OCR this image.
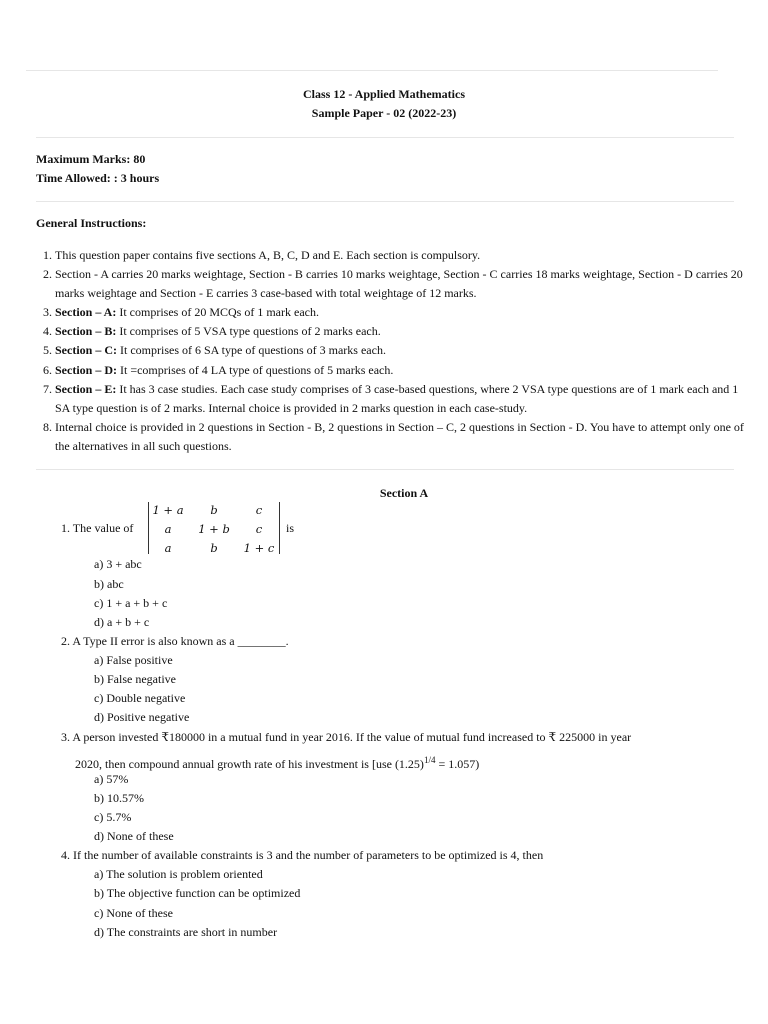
Class 12 - Applied Mathematics
Sample Paper - 02 (2022-23)
Maximum Marks: 80
Time Allowed: : 3 hours
General Instructions:
1. This question paper contains five sections A, B, C, D and E. Each section is compulsory.
2. Section - A carries 20 marks weightage, Section - B carries 10 marks weightage, Section - C carries 18 marks weightage, Section - D carries 20 marks weightage and Section - E carries 3 case-based with total weightage of 12 marks.
3. Section – A: It comprises of 20 MCQs of 1 mark each.
4. Section – B: It comprises of 5 VSA type questions of 2 marks each.
5. Section – C: It comprises of 6 SA type of questions of 3 marks each.
6. Section – D: It =comprises of 4 LA type of questions of 5 marks each.
7. Section – E: It has 3 case studies. Each case study comprises of 3 case-based questions, where 2 VSA type questions are of 1 mark each and 1 SA type question is of 2 marks. Internal choice is provided in 2 marks question in each case-study.
8. Internal choice is provided in 2 questions in Section - B, 2 questions in Section – C, 2 questions in Section - D. You have to attempt only one of the alternatives in all such questions.
Section A
1. The value of
1 + a	b	c
a	1 + b	c
a	b	1 + c
is
a) 3 + abc
b) abc
c) 1 + a + b + c
d) a + b + c
2. A Type II error is also known as a ________.
a) False positive
b) False negative
c) Double negative
d) Positive negative
3. A person invested ₹180000 in a mutual fund in year 2016. If the value of mutual fund increased to ₹ 225000 in year
2020, then compound annual growth rate of his investment is [use $(1.25)^{1/4} = 1.057$)
a) 57%
b) 10.57%
c) 5.7%
d) None of these
4. If the number of available constraints is 3 and the number of parameters to be optimized is 4, then
a) The solution is problem oriented
b) The objective function can be optimized
c) None of these
d) The constraints are short in number
